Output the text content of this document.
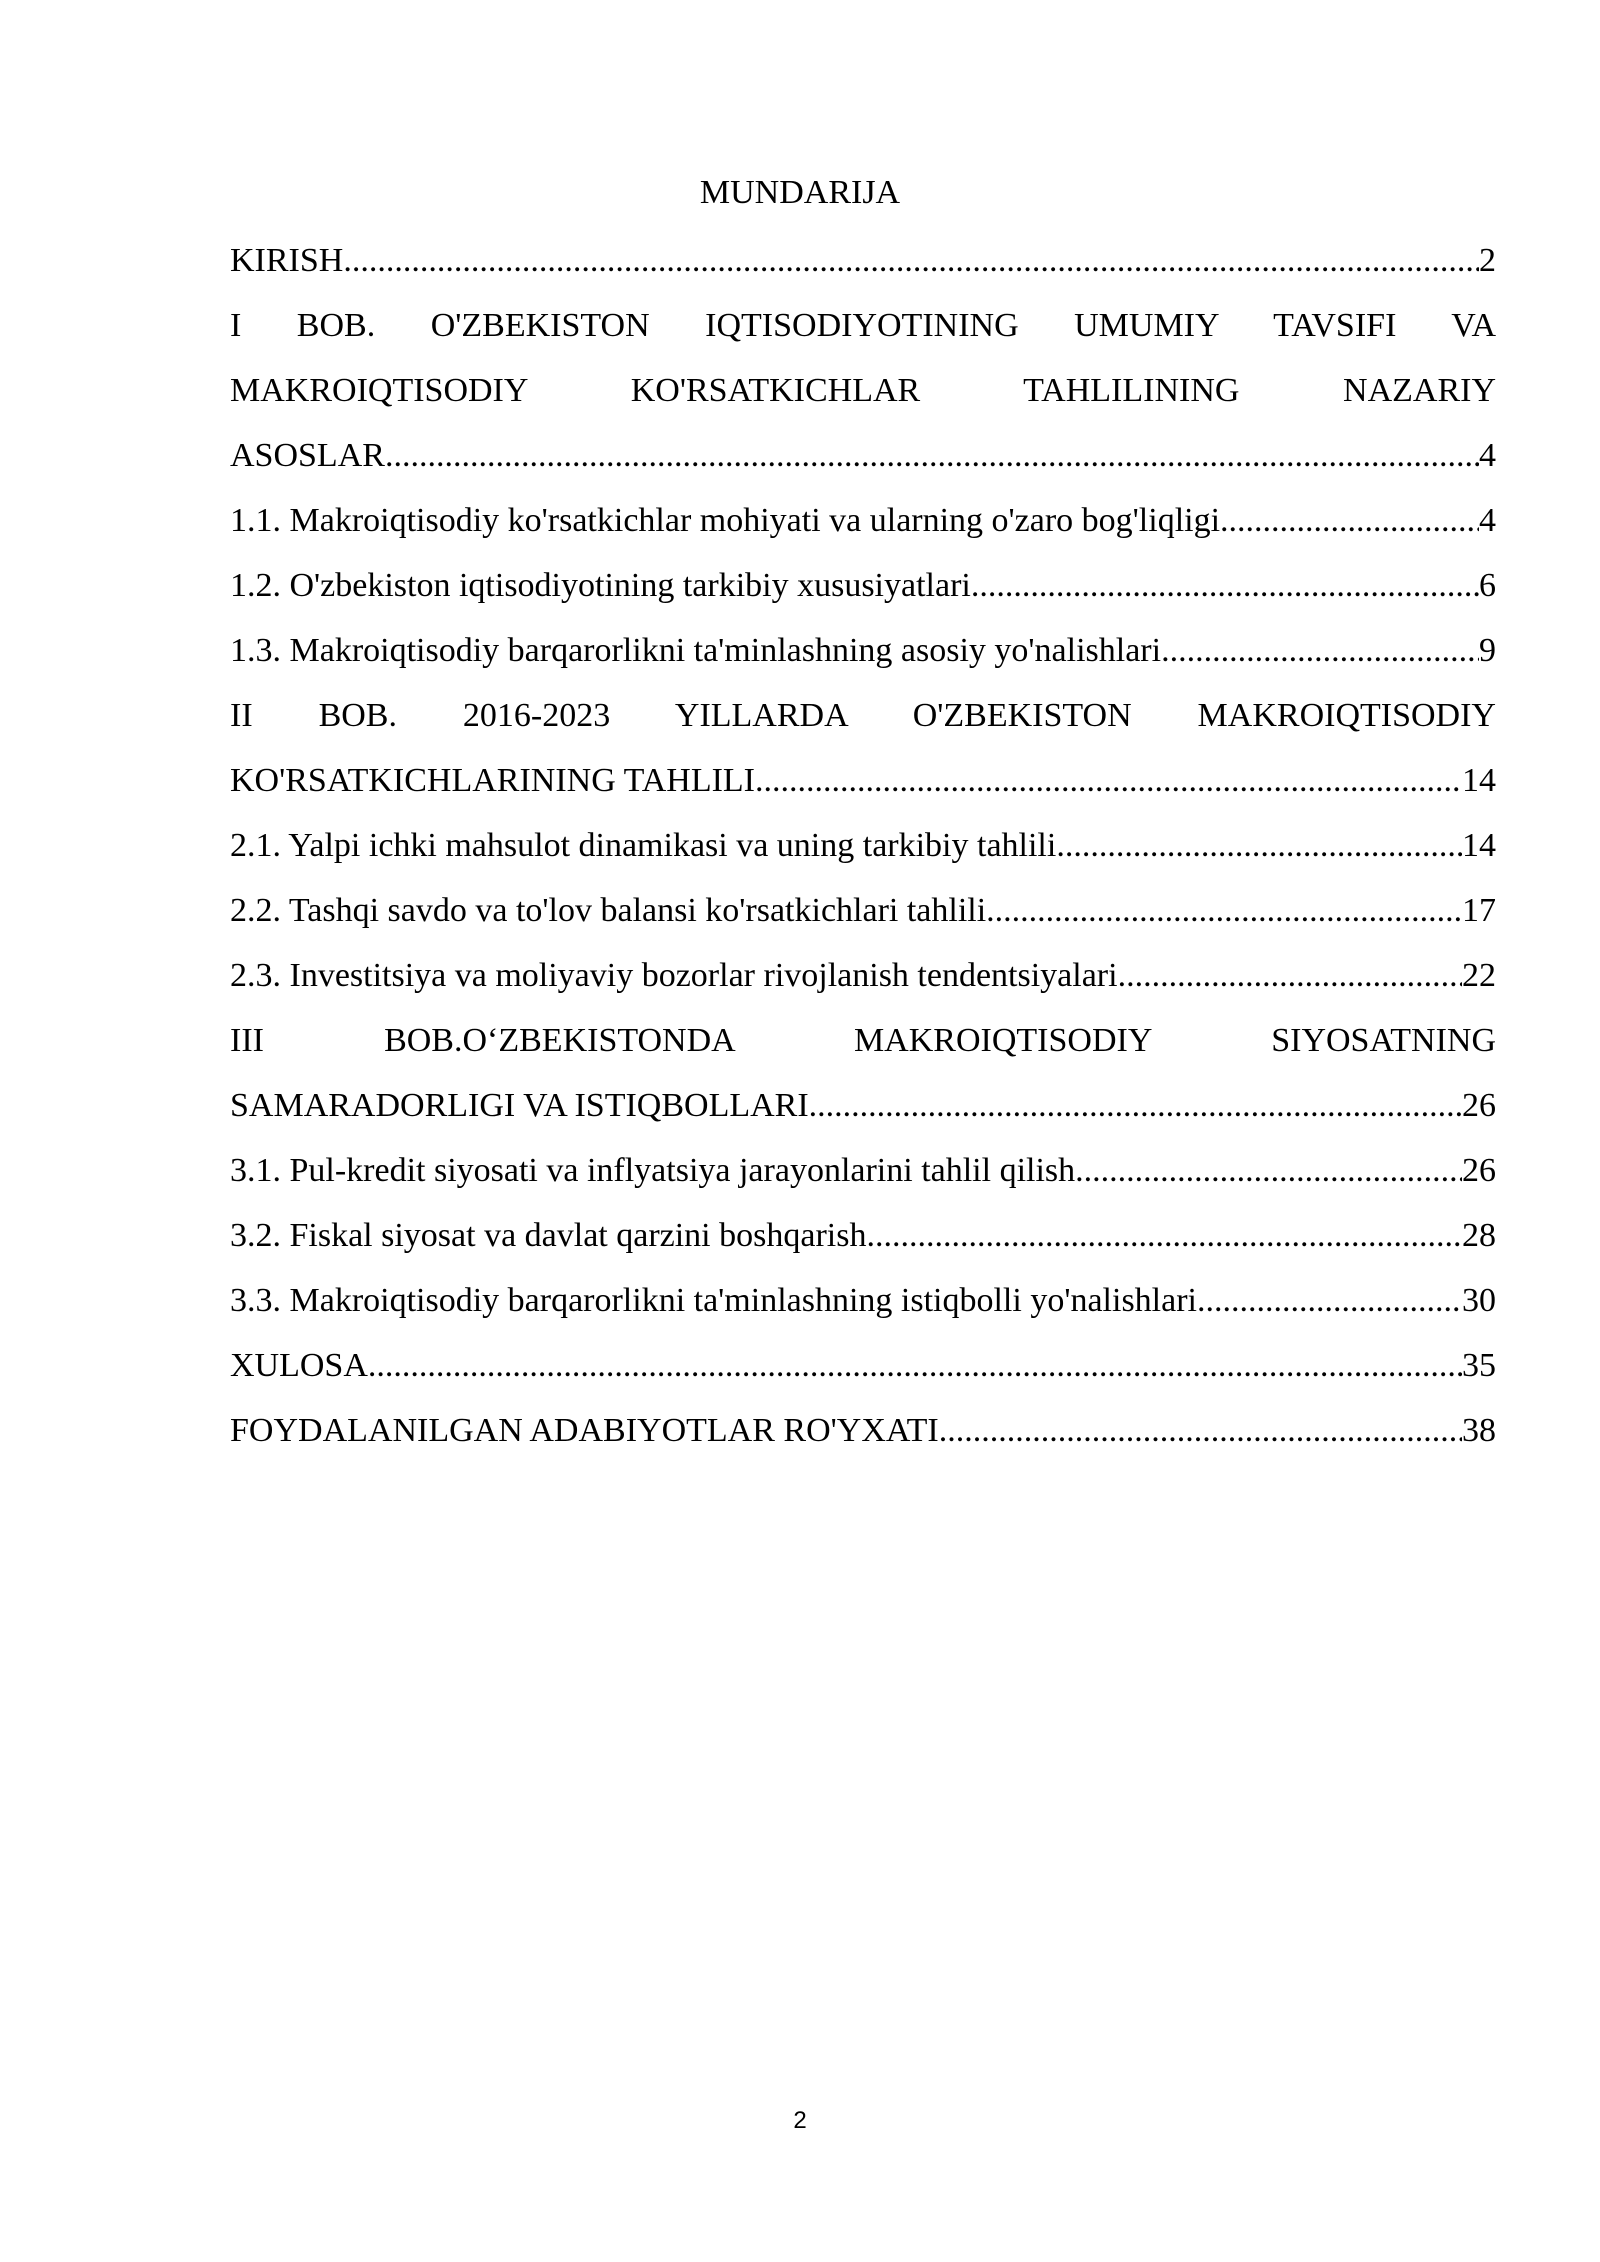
MUNDARIJA
KIRISH .....	2
I BOB. O'ZBEKISTON IQTISODIYOTINING UMUMIY TAVSIFI VA
MAKROIQTISODIY KO'RSATKICHLAR TAHLILINING NAZARIY
ASOSLAR .....	4
1.1. Makroiqtisodiy ko'rsatkichlar mohiyati va ularning o'zaro bog'liqligi .....	4
1.2. O'zbekiston iqtisodiyotining tarkibiy xususiyatlari .....	6
1.3. Makroiqtisodiy barqarorlikni ta'minlashning asosiy yo'nalishlari .....	9
II BOB. 2016-2023 YILLARDA O'ZBEKISTON MAKROIQTISODIY
KO'RSATKICHLARINING TAHLILI .....	14
2.1. Yalpi ichki mahsulot dinamikasi va uning tarkibiy tahlili .....	14
2.2. Tashqi savdo va to'lov balansi ko'rsatkichlari tahlili .....	17
2.3. Investitsiya va moliyaviy bozorlar rivojlanish tendentsiyalari .....	22
III BOB.O‘ZBEKISTONDA MAKROIQTISODIY SIYOSATNING
SAMARADORLIGI VA ISTIQBOLLARI .....	26
3.1. Pul-kredit siyosati va inflyatsiya jarayonlarini tahlil qilish .....	26
3.2. Fiskal siyosat va davlat qarzini boshqarish .....	28
3.3. Makroiqtisodiy barqarorlikni ta'minlashning istiqbolli yo'nalishlari .....	30
XULOSA .....	35
FOYDALANILGAN ADABIYOTLAR RO'YXATI .....	38
2
